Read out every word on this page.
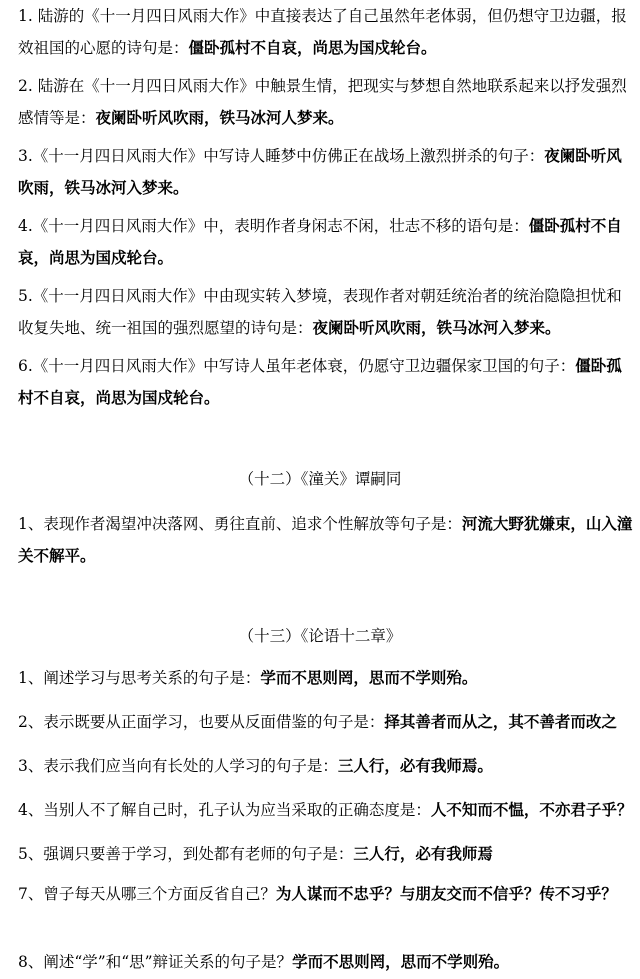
1. 陆游的《十一月四日风雨大作》中直接表达了自己虽然年老体弱，但仍想守卫边疆，报效祖国的心愿的诗句是：僵卧孤村不自哀，尚思为国戍轮台。

2. 陆游在《十一月四日风雨大作》中触景生情，把现实与梦想自然地联系起来以抒发强烈感情等是：夜阑卧听风吹雨，铁马冰河人梦来。

3.《十一月四日风雨大作》中写诗人睡梦中仿佛正在战场上激烈拼杀的句子：夜阑卧听风吹雨，铁马冰河入梦来。

4.《十一月四日风雨大作》中，表明作者身闲志不闲，壮志不移的语句是：僵卧孤村不自哀，尚思为国戍轮台。

5.《十一月四日风雨大作》中由现实转入梦境，表现作者对朝廷统治者的统治隐隐担忧和收复失地、统一祖国的强烈愿望的诗句是：夜阑卧听风吹雨，铁马冰河入梦来。

6.《十一月四日风雨大作》中写诗人虽年老体衰，仍愿守卫边疆保家卫国的句子：僵卧孤村不自哀，尚思为国戍轮台。

（十二）《潼关》谭嗣同

1、表现作者渴望冲决落网、勇往直前、追求个性解放等句子是：河流大野犹嫌束，山入潼关不解平。

（十三）《论语十二章》

1、阐述学习与思考关系的句子是：学而不思则罔，思而不学则殆。

2、表示既要从正面学习，也要从反面借鉴的句子是：择其善者而从之，其不善者而改之

3、表示我们应当向有长处的人学习的句子是：三人行，必有我师焉。

4、当别人不了解自己时，孔子认为应当采取的正确态度是：人不知而不愠，不亦君子乎？

5、强调只要善于学习，到处都有老师的句子是：三人行，必有我师焉

7、曾子每天从哪三个方面反省自己？为人谋而不忠乎？与朋友交而不信乎？传不习乎？

8、阐述“学”和“思”辩证关系的句子是？学而不思则罔，思而不学则殆。
